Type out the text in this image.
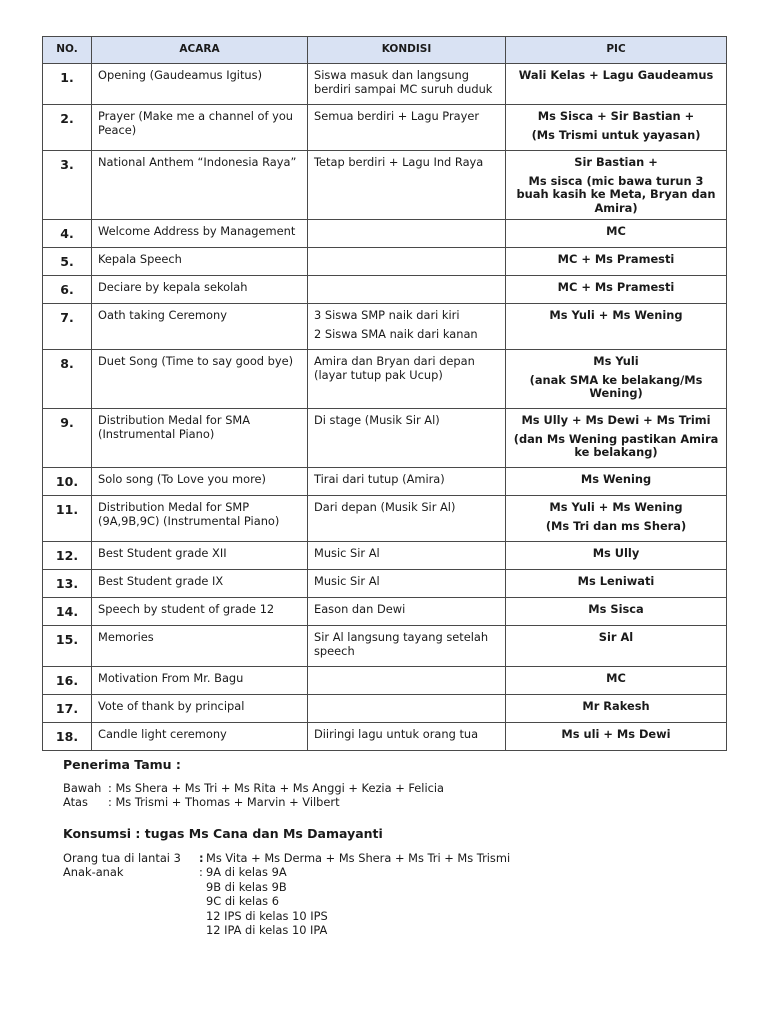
NO.	ACARA	KONDISI	PIC
1.	Opening (Gaudeamus Igitus)	Siswa masuk dan langsung berdiri sampai MC suruh duduk	Wali Kelas + Lagu Gaudeamus
2.	Prayer (Make me a channel of you Peace)	Semua berdiri + Lagu Prayer	Ms Sisca + Sir Bastian +
(Ms Trismi untuk yayasan)

3.	National Anthem “Indonesia Raya”	Tetap berdiri + Lagu Ind Raya	Sir Bastian +
Ms sisca (mic bawa turun 3 buah kasih ke Meta, Bryan dan Amira)

4.	Welcome Address by Management		MC
5.	Kepala Speech		MC + Ms Pramesti
6.	Deciare by kepala sekolah		MC + Ms Pramesti
7.	Oath taking Ceremony	3 Siswa SMP naik dari kiri
2 Siswa SMA naik dari kanan	Ms Yuli + Ms Wening
8.	Duet Song (Time to say good bye)	Amira dan Bryan dari depan (layar tutup pak Ucup)	Ms Yuli
(anak SMA ke belakang/Ms Wening)

9.	Distribution Medal for SMA (Instrumental Piano)	Di stage (Musik Sir Al)	Ms Ully + Ms Dewi + Ms Trimi
(dan Ms Wening pastikan Amira ke belakang)

10.	Solo song (To Love you more)	Tirai dari tutup (Amira)	Ms Wening
11.	Distribution Medal for SMP (9A,9B,9C) (Instrumental Piano)	Dari depan (Musik Sir Al)	Ms Yuli + Ms Wening
(Ms Tri dan ms Shera)

12.	Best Student grade XII	Music Sir Al	Ms Ully
13.	Best Student grade IX	Music Sir Al	Ms Leniwati
14.	Speech by student of grade 12	Eason dan Dewi	Ms Sisca
15.	Memories	Sir Al langsung tayang setelah speech	Sir Al
16.	Motivation From Mr. Bagu		MC
17.	Vote of thank by principal		Mr Rakesh
18.	Candle light ceremony	Diiringi lagu untuk orang tua	Ms uli + Ms Dewi
Penerima Tamu :
Bawah : Ms Shera + Ms Tri + Ms Rita + Ms Anggi + Kezia + Felicia
Atas : Ms Trismi + Thomas + Marvin + Vilbert
Konsumsi : tugas Ms Cana dan Ms Damayanti
Orang tua di lantai 3	: Ms Vita + Ms Derma + Ms Shera + Ms Tri + Ms Trismi
Anak-anak	: 9A di kelas 9A
9B di kelas 9B
9C di kelas 6
12 IPS di kelas 10 IPS
12 IPA di kelas 10 IPA
